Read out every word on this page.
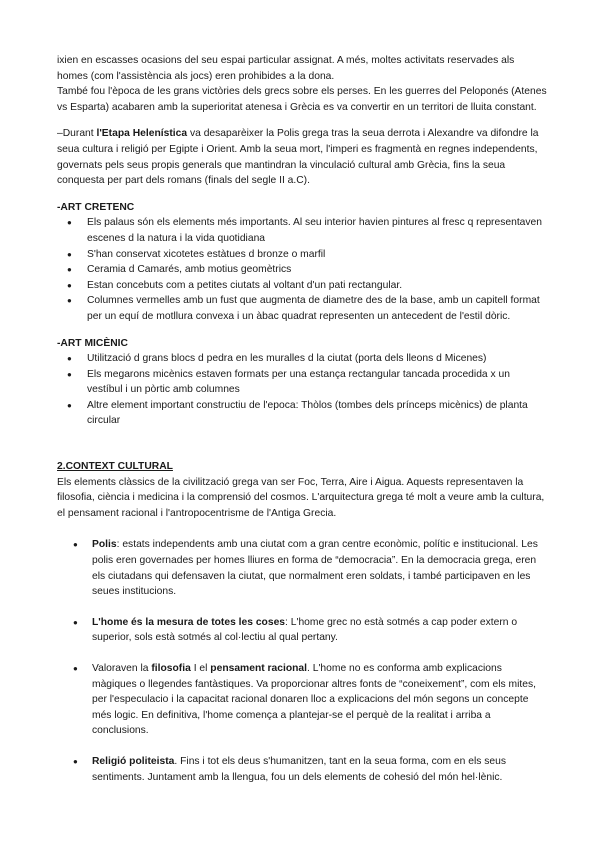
ixien en escasses ocasions del seu espai particular assignat. A més, moltes activitats reservades als homes (com l'assistència als jocs) eren prohibides a la dona.

També fou l'època de les grans victòries dels grecs sobre els perses. En les guerres del Peloponés (Atenes vs Esparta) acabaren amb la superioritat atenesa i Grècia es va convertir en un territori de lluita constant.

–Durant l'Etapa Helenística va desaparèixer la Polis grega tras la seua derrota i Alexandre va difondre la seua cultura i religió per Egipte i Orient. Amb la seua mort, l'imperi es fragmentà en regnes independents, governats pels seus propis generals que mantindran la vinculació cultural amb Grècia, fins la seua conquesta per part dels romans (finals del segle II a.C).

-ART CRETENC

● Els palaus són els elements més importants. Al seu interior havien pintures al fresc q representaven escenes d la natura i la vida quotidiana
● S'han conservat xicotetes estàtues d bronze o marfil
● Ceramia d Camarés, amb motius geomètrics
● Estan concebuts com a petites ciutats al voltant d'un pati rectangular.
● Columnes vermelles amb un fust que augmenta de diametre des de la base, amb un capitell format per un equí de motllura convexa i un àbac quadrat representen un antecedent de l'estil dòric.

-ART MICÈNIC

● Utilització d grans blocs d pedra en les muralles d la ciutat (porta dels lleons d Micenes)
● Els megarons micènics estaven formats per una estança rectangular tancada procedida x un vestíbul i un pòrtic amb columnes
● Altre element important constructiu de l'epoca: Thòlos (tombes dels prínceps micènics) de planta circular

2.CONTEXT CULTURAL

Els elements clàssics de la civilització grega van ser Foc, Terra, Aire i Aigua. Aquests representaven la filosofia, ciència i medicina i la comprensió del cosmos. L'arquitectura grega té molt a veure amb la cultura, el pensament racional i l'antropocentrisme de l'Antiga Grecia.

● Polis: estats independents amb una ciutat com a gran centre econòmic, polític e institucional. Les polis eren governades per homes lliures en forma de “democracia”. En la democracia grega, eren els ciutadans qui defensaven la ciutat, que normalment eren soldats, i també participaven en les seues institucions.
● L'home és la mesura de totes les coses: L'home grec no està sotmés a cap poder extern o superior, sols està sotmés al col·lectiu al qual pertany.
● Valoraven la filosofia I el pensament racional. L'home no es conforma amb explicacions màgiques o llegendes fantàstiques. Va proporcionar altres fonts de “coneixement”, com els mites, per l'especulacio i la capacitat racional donaren lloc a explicacions del món segons un concepte més logic. En definitiva, l'home comença a plantejar-se el perquè de la realitat i arriba a conclusions.
● Religió politeista. Fins i tot els deus s'humanitzen, tant en la seua forma, com en els seus sentiments. Juntament amb la llengua, fou un dels elements de cohesió del món hel·lènic.
